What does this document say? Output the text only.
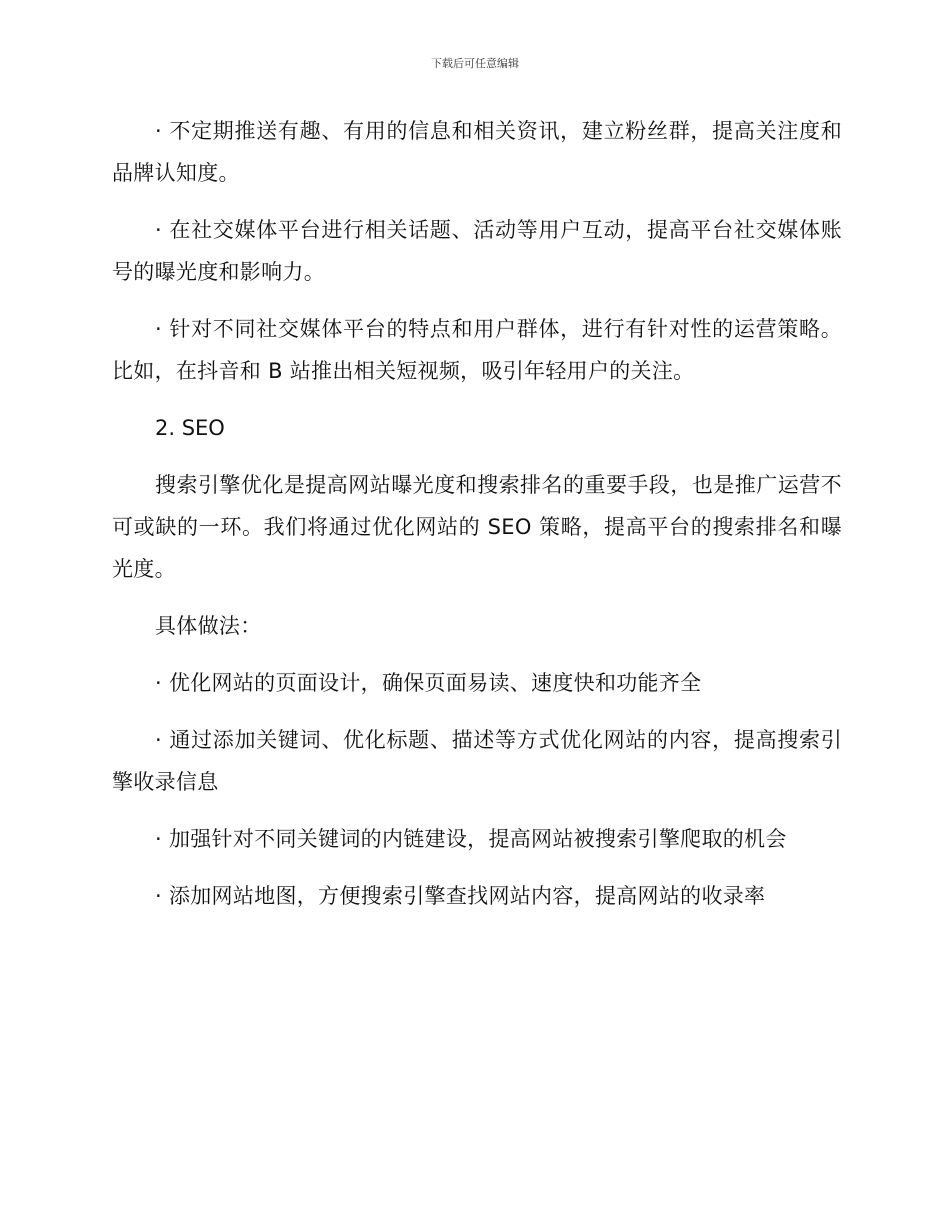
下载后可任意编辑

· 不定期推送有趣、有用的信息和相关资讯，建立粉丝群，提高关注度和品牌认知度。

· 在社交媒体平台进行相关话题、活动等用户互动，提高平台社交媒体账号的曝光度和影响力。

· 针对不同社交媒体平台的特点和用户群体，进行有针对性的运营策略。比如，在抖音和 B 站推出相关短视频，吸引年轻用户的关注。

2. SEO

搜索引擎优化是提高网站曝光度和搜索排名的重要手段，也是推广运营不可或缺的一环。我们将通过优化网站的 SEO 策略，提高平台的搜索排名和曝光度。

具体做法：

· 优化网站的页面设计，确保页面易读、速度快和功能齐全

· 通过添加关键词、优化标题、描述等方式优化网站的内容，提高搜索引擎收录信息

· 加强针对不同关键词的内链建设，提高网站被搜索引擎爬取的机会

· 添加网站地图，方便搜索引擎查找网站内容，提高网站的收录率
